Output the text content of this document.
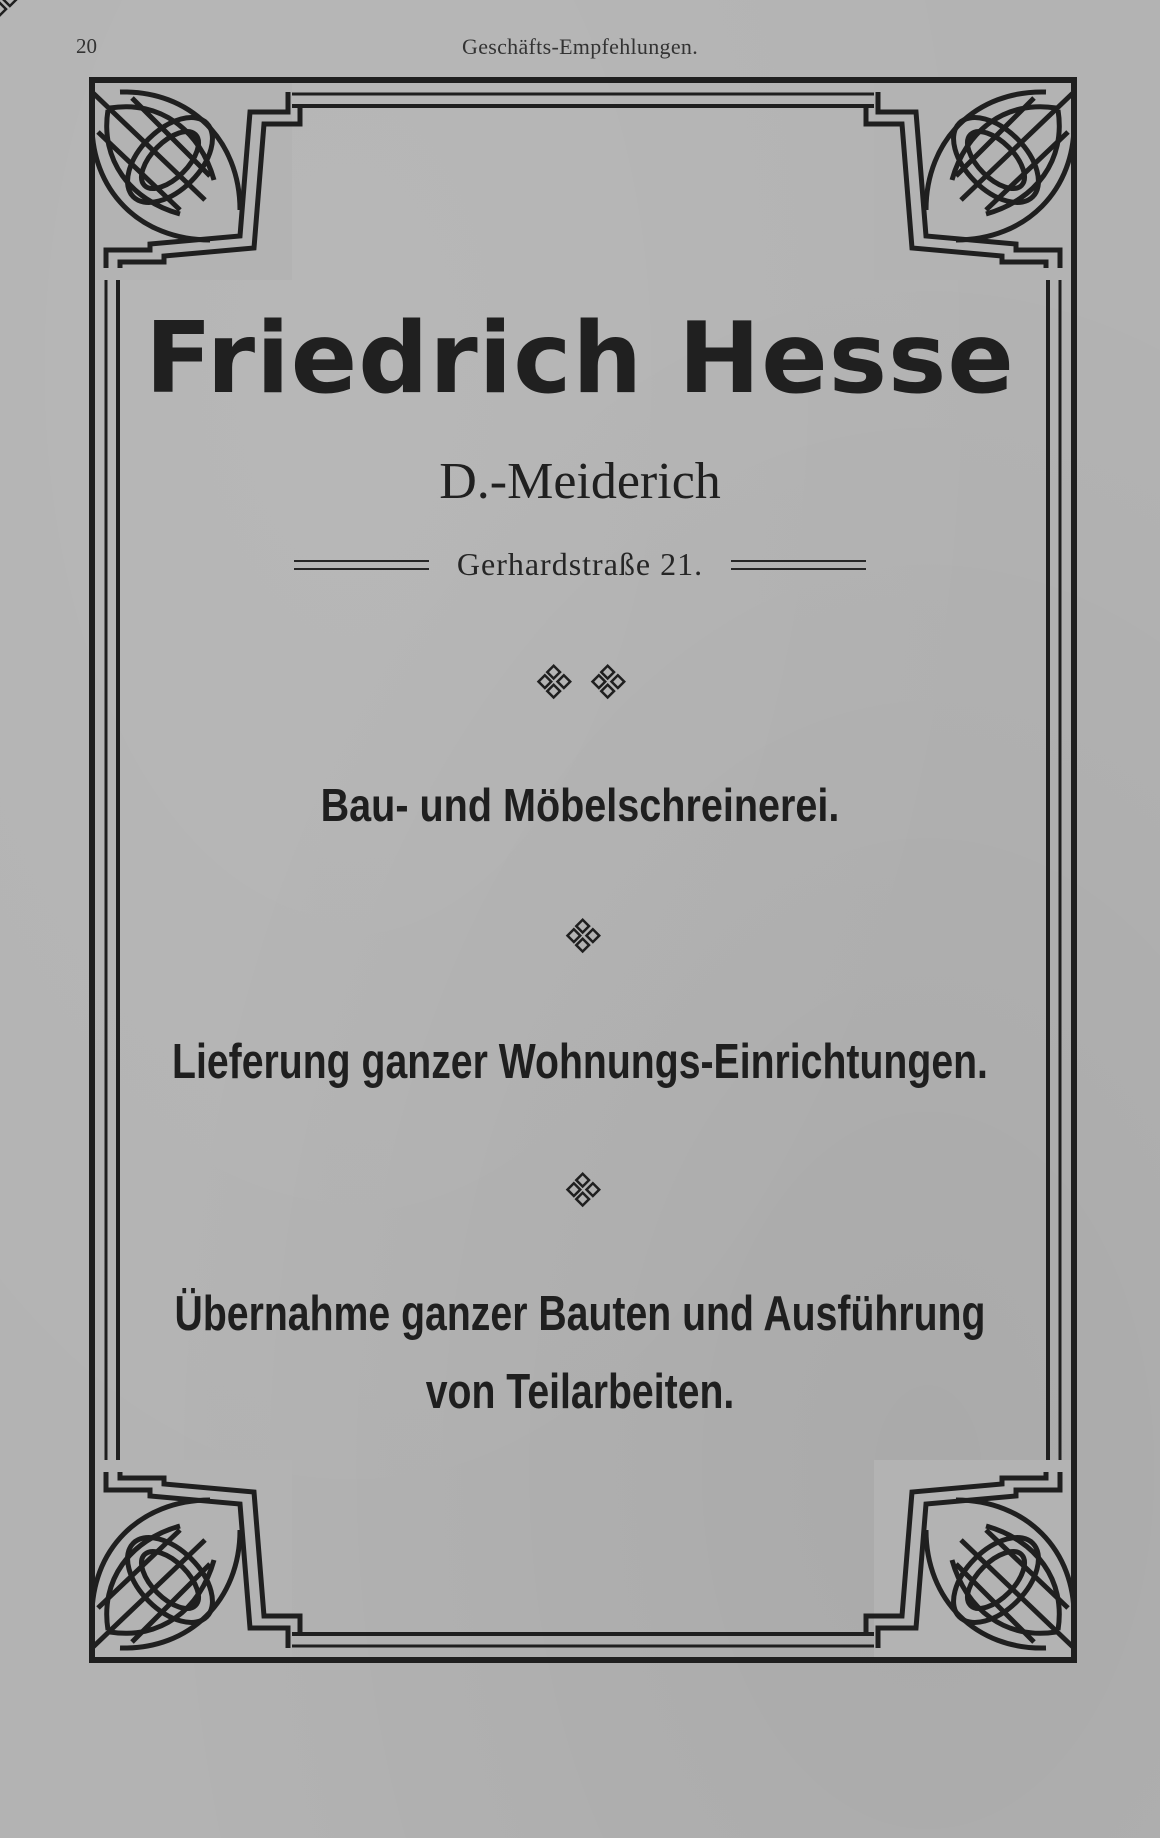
20	Geschäfts-Empfehlungen.
Friedrich Hesse
D.-Meiderich
Gerhardstraße 21.
Bau- und Möbelschreinerei.
Lieferung ganzer Wohnungs-Einrichtungen.
Übernahme ganzer Bauten und Ausführung
von Teilarbeiten.
